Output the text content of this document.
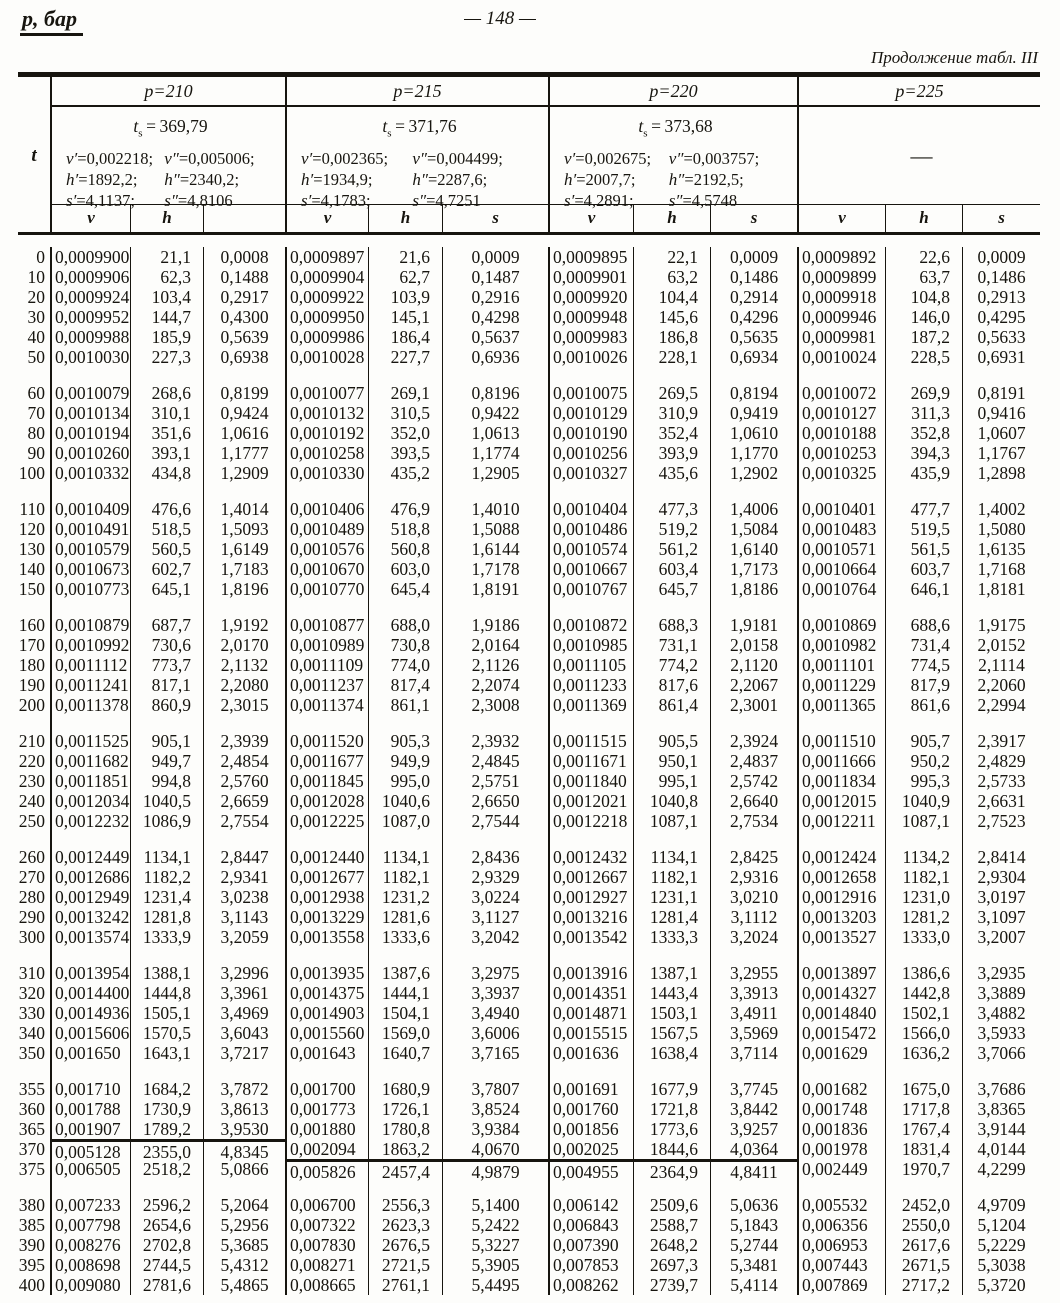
р, бар	— 148 —
Продолжение табл. III
p=210	p=215	p=220	p=225
t
$t_s = 369,79$
v′=0,002218; v″=0,005006;
h′=1892,2;	h″=2340,2;
s′=4,1137;	s″=4,8106
$t_s = 371,76$
v′=0,002365;	v″=0,004499;
h′=1934,9;	h″=2287,6;
s′=4,1783;	s″=4,7251
$t_s = 373,68$
v′=0,002675;	v″=0,003757;
h′=2007,7;	h″=2192,5;
s′=4,2891;	s″=4,5748
—
v	h	v	h	s	v	h	s	v	h	s
0 0,0009900	21,1	0,0008	0,0009897	21,6	0,0009	0,0009895	22,1	0,0009	0,0009892	22,6	0,0009
10 0,0009906	62,3	0,1488	0,0009904	62,7	0,1487	0,0009901	63,2	0,1486	0,0009899	63,7	0,1486
20 0,0009924	103,4	0,2917	0,0009922	103,9	0,2916	0,0009920	104,4	0,2914	0,0009918	104,8	0,2913
30 0,0009952	144,7	0,4300	0,0009950	145,1	0,4298	0,0009948	145,6	0,4296	0,0009946	146,0	0,4295
40 0,0009988	185,9	0,5639	0,0009986	186,4	0,5637	0,0009983	186,8	0,5635	0,0009981	187,2	0,5633
50 0,0010030	227,3	0,6938	0,0010028	227,7	0,6936	0,0010026	228,1	0,6934	0,0010024	228,5	0,6931
60 0,0010079	268,6	0,8199	0,0010077	269,1	0,8196	0,0010075	269,5	0,8194	0,0010072	269,9	0,8191
70 0,0010134	310,1	0,9424	0,0010132	310,5	0,9422	0,0010129	310,9	0,9419	0,0010127	311,3	0,9416
80 0,0010194	351,6	1,0616	0,0010192	352,0	1,0613	0,0010190	352,4	1,0610	0,0010188	352,8	1,0607
90 0,0010260	393,1	1,1777	0,0010258	393,5	1,1774	0,0010256	393,9	1,1770	0,0010253	394,3	1,1767
100 0,0010332	434,8	1,2909	0,0010330	435,2	1,2905	0,0010327	435,6	1,2902	0,0010325	435,9	1,2898
110 0,0010409	476,6	1,4014	0,0010406	476,9	1,4010	0,0010404	477,3	1,4006	0,0010401	477,7	1,4002
120 0,0010491	518,5	1,5093	0,0010489	518,8	1,5088	0,0010486	519,2	1,5084	0,0010483	519,5	1,5080
130 0,0010579	560,5	1,6149	0,0010576	560,8	1,6144	0,0010574	561,2	1,6140	0,0010571	561,5	1,6135
140 0,0010673	602,7	1,7183	0,0010670	603,0	1,7178	0,0010667	603,4	1,7173	0,0010664	603,7	1,7168
150 0,0010773	645,1	1,8196	0,0010770	645,4	1,8191	0,0010767	645,7	1,8186	0,0010764	646,1	1,8181
160 0,0010879	687,7	1,9192	0,0010877	688,0	1,9186	0,0010872	688,3	1,9181	0,0010869	688,6	1,9175
170 0,0010992	730,6	2,0170	0,0010989	730,8	2,0164	0,0010985	731,1	2,0158	0,0010982	731,4	2,0152
180 0,0011112	773,7	2,1132	0,0011109	774,0	2,1126	0,0011105	774,2	2,1120	0,0011101	774,5	2,1114
190 0,0011241	817,1	2,2080	0,0011237	817,4	2,2074	0,0011233	817,6	2,2067	0,0011229	817,9	2,2060
200 0,0011378	860,9	2,3015	0,0011374	861,1	2,3008	0,0011369	861,4	2,3001	0,0011365	861,6	2,2994
210 0,0011525	905,1	2,3939	0,0011520	905,3	2,3932	0,0011515	905,5	2,3924	0,0011510	905,7	2,3917
220 0,0011682	949,7	2,4854	0,0011677	949,9	2,4845	0,0011671	950,1	2,4837	0,0011666	950,2	2,4829
230 0,0011851	994,8	2,5760	0,0011845	995,0	2,5751	0,0011840	995,1	2,5742	0,0011834	995,3	2,5733
240 0,0012034 1040,5	2,6659	0,0012028	1040,6	2,6650	0,0012021	1040,8	2,6640	0,0012015	1040,9	2,6631
250 0,0012232 1086,9	2,7554	0,0012225	1087,0	2,7544	0,0012218	1087,1	2,7534	0,0012211	1087,1	2,7523
260 0,0012449 1134,1	2,8447	0,0012440	1134,1	2,8436	0,0012432	1134,1	2,8425	0,0012424	1134,2	2,8414
270 0,0012686 1182,2	2,9341	0,0012677	1182,1	2,9329	0,0012667	1182,1	2,9316	0,0012658	1182,1	2,9304
280 0,0012949 1231,4	3,0238	0,0012938	1231,2	3,0224	0,0012927	1231,1	3,0210	0,0012916	1231,0	3,0197
290 0,0013242 1281,8	3,1143	0,0013229	1281,6	3,1127	0,0013216	1281,4	3,1112	0,0013203	1281,2	3,1097
300 0,0013574 1333,9	3,2059	0,0013558	1333,6	3,2042	0,0013542	1333,3	3,2024	0,0013527	1333,0	3,2007
310 0,0013954 1388,1	3,2996	0,0013935	1387,6	3,2975	0,0013916	1387,1	3,2955	0,0013897	1386,6	3,2935
320 0,0014400 1444,8	3,3961	0,0014375	1444,1	3,3937	0,0014351	1443,4	3,3913	0,0014327	1442,8	3,3889
330 0,0014936 1505,1	3,4969	0,0014903	1504,1	3,4940	0,0014871	1503,1	3,4911	0,0014840	1502,1	3,4882
340 0,0015606 1570,5	3,6043	0,0015560	1569,0	3,6006	0,0015515	1567,5	3,5969	0,0015472	1566,0	3,5933
350 0,001650	1643,1	3,7217	0,001643	1640,7	3,7165	0,001636	1638,4	3,7114	0,001629	1636,2	3,7066
355 0,001710	1684,2	3,7872	0,001700	1680,9	3,7807	0,001691	1677,9	3,7745	0,001682	1675,0	3,7686
360 0,001788	1730,9	3,8613	0,001773	1726,1	3,8524	0,001760	1721,8	3,8442	0,001748	1717,8	3,8365
365 0,001907	1789,2	3,9530	0,001880	1780,8	3,9384	0,001856	1773,6	3,9257	0,001836	1767,4	3,9144
370 0,005128	2355,0	4,8345	0,002094	1863,2	4,0670	0,002025	1844,6	4,0364	0,001978	1831,4	4,0144
375 0,006505	2518,2	5,0866	0,005826	2457,4	4,9879	0,004955	2364,9	4,8411	0,002449	1970,7	4,2299
380 0,007233	2596,2	5,2064	0,006700	2556,3	5,1400	0,006142	2509,6	5,0636	0,005532	2452,0	4,9709
385 0,007798	2654,6	5,2956	0,007322	2623,3	5,2422	0,006843	2588,7	5,1843	0,006356	2550,0	5,1204
390 0,008276	2702,8	5,3685	0,007830	2676,5	5,3227	0,007390	2648,2	5,2744	0,006953	2617,6	5,2229
395 0,008698	2744,5	5,4312	0,008271	2721,5	5,3905	0,007853	2697,3	5,3481	0,007443	2671,5	5,3038
400 0,009080	2781,6	5,4865	0,008665	2761,1	5,4495	0,008262	2739,7	5,4114	0,007869	2717,2	5,3720
